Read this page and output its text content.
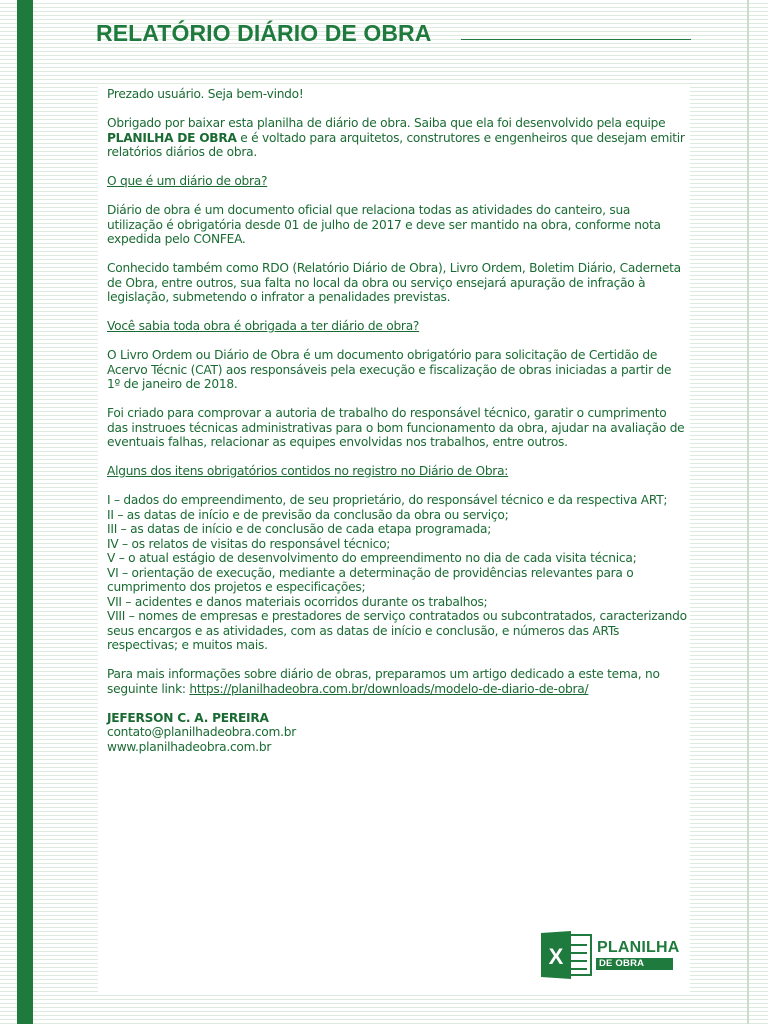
RELATÓRIO DIÁRIO DE OBRA

Prezado usuário. Seja bem-vindo!

Obrigado por baixar esta planilha de diário de obra. Saiba que ela foi desenvolvido pela equipe PLANILHA DE OBRA e é voltado para arquitetos, construtores e engenheiros que desejam emitir relatórios diários de obra.

O que é um diário de obra?

Diário de obra é um documento oficial que relaciona todas as atividades do canteiro, sua utilização é obrigatória desde 01 de julho de 2017 e deve ser mantido na obra, conforme nota expedida pelo CONFEA.

Conhecido também como RDO (Relatório Diário de Obra), Livro Ordem, Boletim Diário, Caderneta de Obra, entre outros, sua falta no local da obra ou serviço ensejará apuração de infração à legislação, submetendo o infrator a penalidades previstas.

Você sabia toda obra é obrigada a ter diário de obra?

O Livro Ordem ou Diário de Obra é um documento obrigatório para solicitação de Certidão de Acervo Técnic (CAT) aos responsáveis pela execução e fiscalização de obras iniciadas a partir de 1º de janeiro de 2018.

Foi criado para comprovar a autoria de trabalho do responsável técnico, garatir o cumprimento das instruoes técnicas administrativas para o bom funcionamento da obra, ajudar na avaliação de eventuais falhas, relacionar as equipes envolvidas nos trabalhos, entre outros.

Alguns dos itens obrigatórios contidos no registro no Diário de Obra:

I – dados do empreendimento, de seu proprietário, do responsável técnico e da respectiva ART;
II – as datas de início e de previsão da conclusão da obra ou serviço;
III – as datas de início e de conclusão de cada etapa programada;
IV – os relatos de visitas do responsável técnico;
V – o atual estágio de desenvolvimento do empreendimento no dia de cada visita técnica;
VI – orientação de execução, mediante a determinação de providências relevantes para o cumprimento dos projetos e especificações;
VII – acidentes e danos materiais ocorridos durante os trabalhos;
VIII – nomes de empresas e prestadores de serviço contratados ou subcontratados, caracterizando seus encargos e as atividades, com as datas de início e conclusão, e números das ARTs respectivas; e muitos mais.

Para mais informações sobre diário de obras, preparamos um artigo dedicado a este tema, no seguinte link: https://planilhadeobra.com.br/downloads/modelo-de-diario-de-obra/

JEFERSON C. A. PEREIRA
contato@planilhadeobra.com.br
www.planilhadeobra.com.br
X PLANILHA
DE OBRA
